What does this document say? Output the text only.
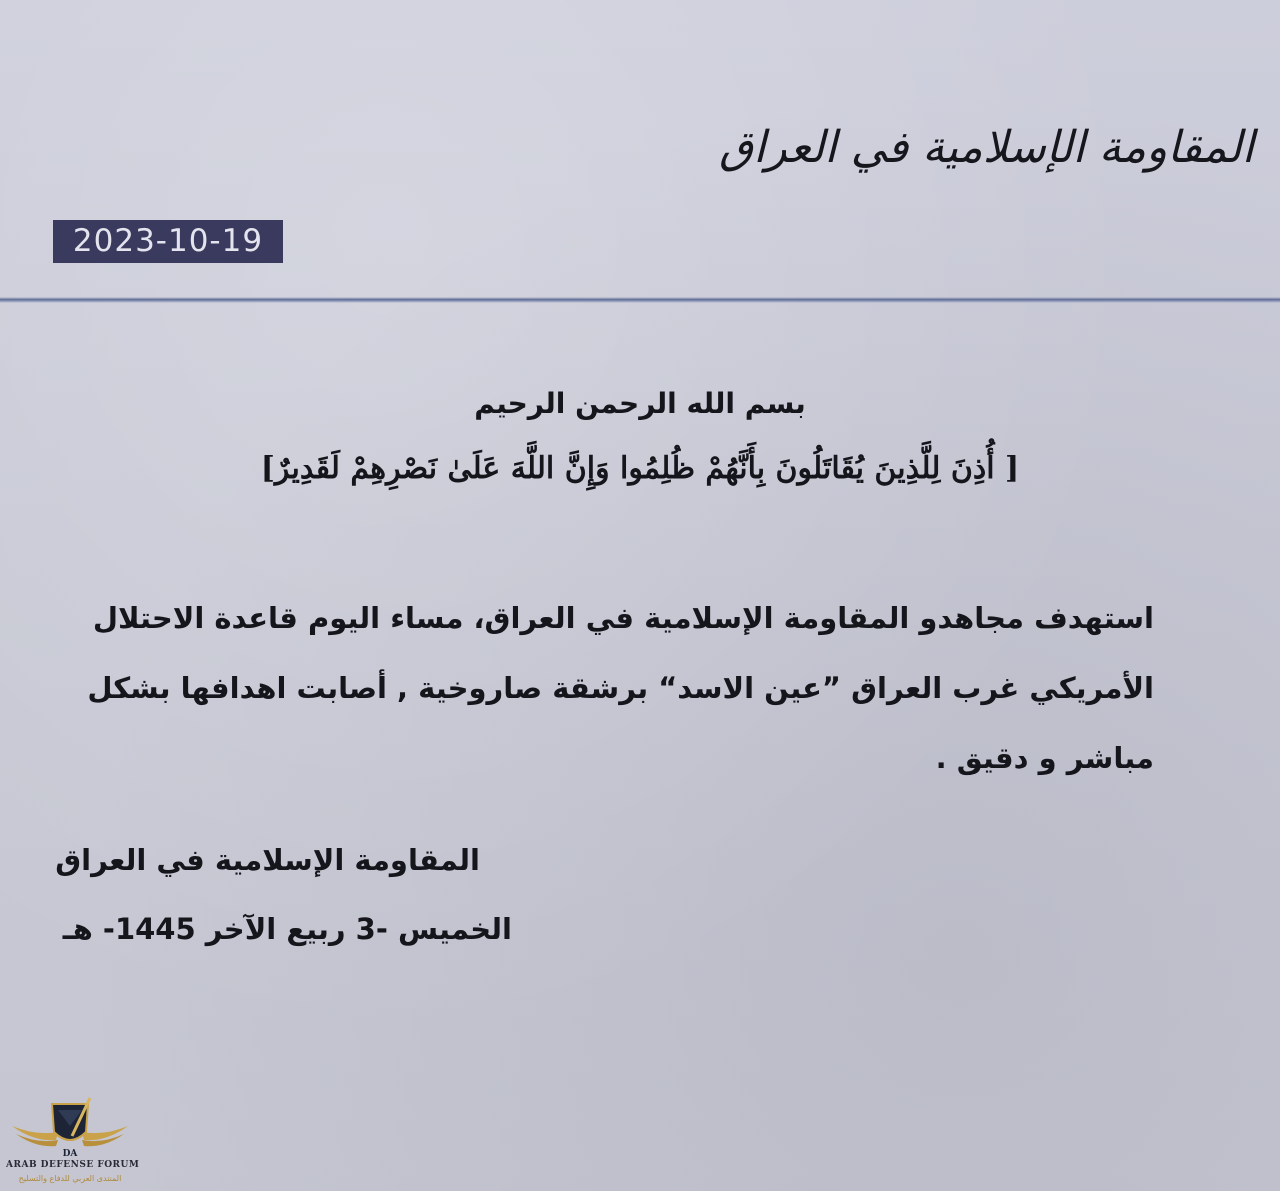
المقاومة الإسلامية في العراق
2023-10-19
بسم الله الرحمن الرحيم
[ أُذِنَ لِلَّذِينَ يُقَاتَلُونَ بِأَنَّهُمْ ظُلِمُوا وَإِنَّ اللَّهَ عَلَىٰ نَصْرِهِمْ لَقَدِيرٌ]
استهدف مجاهدو المقاومة الإسلامية في العراق، مساء اليوم قاعدة الاحتلال
الأمريكي غرب العراق ”عين الاسد“ برشقة صاروخية , أصابت اهدافها بشكل
مباشر و دقيق .
المقاومة الإسلامية في العراق
الخميس -3 ربيع الآخر 1445- هـ
DA
ARAB DEFENSE FORUM
المنتدى العربي للدفاع والتسليح
